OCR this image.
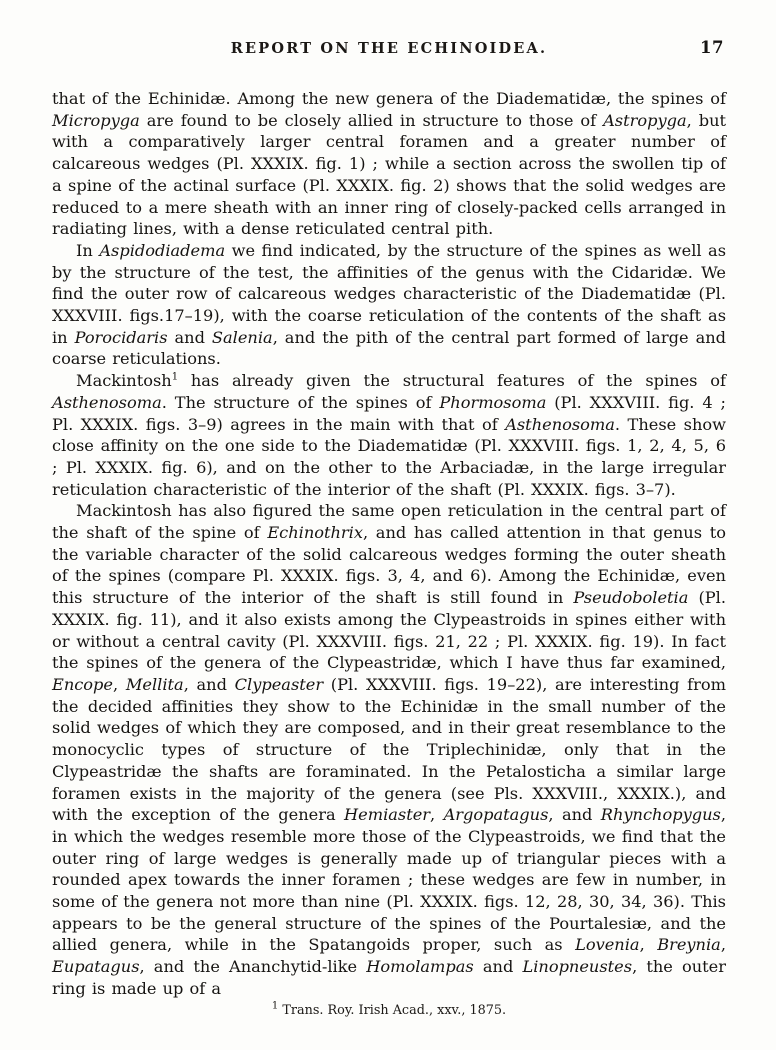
REPORT ON THE ECHINOIDEA.	17

that of the Echinidæ. Among the new genera of the Diadematidæ, the spines of Micropyga are found to be closely allied in structure to those of Astropyga, but with a comparatively larger central foramen and a greater number of calcareous wedges (Pl. XXXIX. fig. 1) ; while a section across the swollen tip of a spine of the actinal surface (Pl. XXXIX. fig. 2) shows that the solid wedges are reduced to a mere sheath with an inner ring of closely-packed cells arranged in radiating lines, with a dense reticulated central pith.

In Aspidodiadema we find indicated, by the structure of the spines as well as by the structure of the test, the affinities of the genus with the Cidaridæ. We find the outer row of calcareous wedges characteristic of the Diadematidæ (Pl. XXXVIII. figs.17–19), with the coarse reticulation of the contents of the shaft as in Porocidaris and Salenia, and the pith of the central part formed of large and coarse reticulations.

Mackintosh$^1$ has already given the structural features of the spines of Asthenosoma. The structure of the spines of Phormosoma (Pl. XXXVIII. fig. 4 ; Pl. XXXIX. figs. 3–9) agrees in the main with that of Asthenosoma. These show close affinity on the one side to the Diadematidæ (Pl. XXXVIII. figs. 1, 2, 4, 5, 6 ; Pl. XXXIX. fig. 6), and on the other to the Arbaciadæ, in the large irregular reticulation characteristic of the interior of the shaft (Pl. XXXIX. figs. 3–7).

Mackintosh has also figured the same open reticulation in the central part of the shaft of the spine of Echinothrix, and has called attention in that genus to the variable character of the solid calcareous wedges forming the outer sheath of the spines (compare Pl. XXXIX. figs. 3, 4, and 6). Among the Echinidæ, even this structure of the interior of the shaft is still found in Pseudoboletia (Pl. XXXIX. fig. 11), and it also exists among the Clypeastroids in spines either with or without a central cavity (Pl. XXXVIII. figs. 21, 22 ; Pl. XXXIX. fig. 19). In fact the spines of the genera of the Clypeastridæ, which I have thus far examined, Encope, Mellita, and Clypeaster (Pl. XXXVIII. figs. 19–22), are interesting from the decided affinities they show to the Echinidæ in the small number of the solid wedges of which they are composed, and in their great resemblance to the monocyclic types of structure of the Triplechinidæ, only that in the Clypeastridæ the shafts are foraminated. In the Petalosticha a similar large foramen exists in the majority of the genera (see Pls. XXXVIII., XXXIX.), and with the exception of the genera Hemiaster, Argopatagus, and Rhynchopygus, in which the wedges resemble more those of the Clypeastroids, we find that the outer ring of large wedges is generally made up of triangular pieces with a rounded apex towards the inner foramen ; these wedges are few in number, in some of the genera not more than nine (Pl. XXXIX. figs. 12, 28, 30, 34, 36). This appears to be the general structure of the spines of the Pourtalesiæ, and the allied genera, while in the Spatangoids proper, such as Lovenia, Breynia, Eupatagus, and the Ananchytid-like Homolampas and Linopneustes, the outer ring is made up of a

$^1$ Trans. Roy. Irish Acad., xxv., 1875.
